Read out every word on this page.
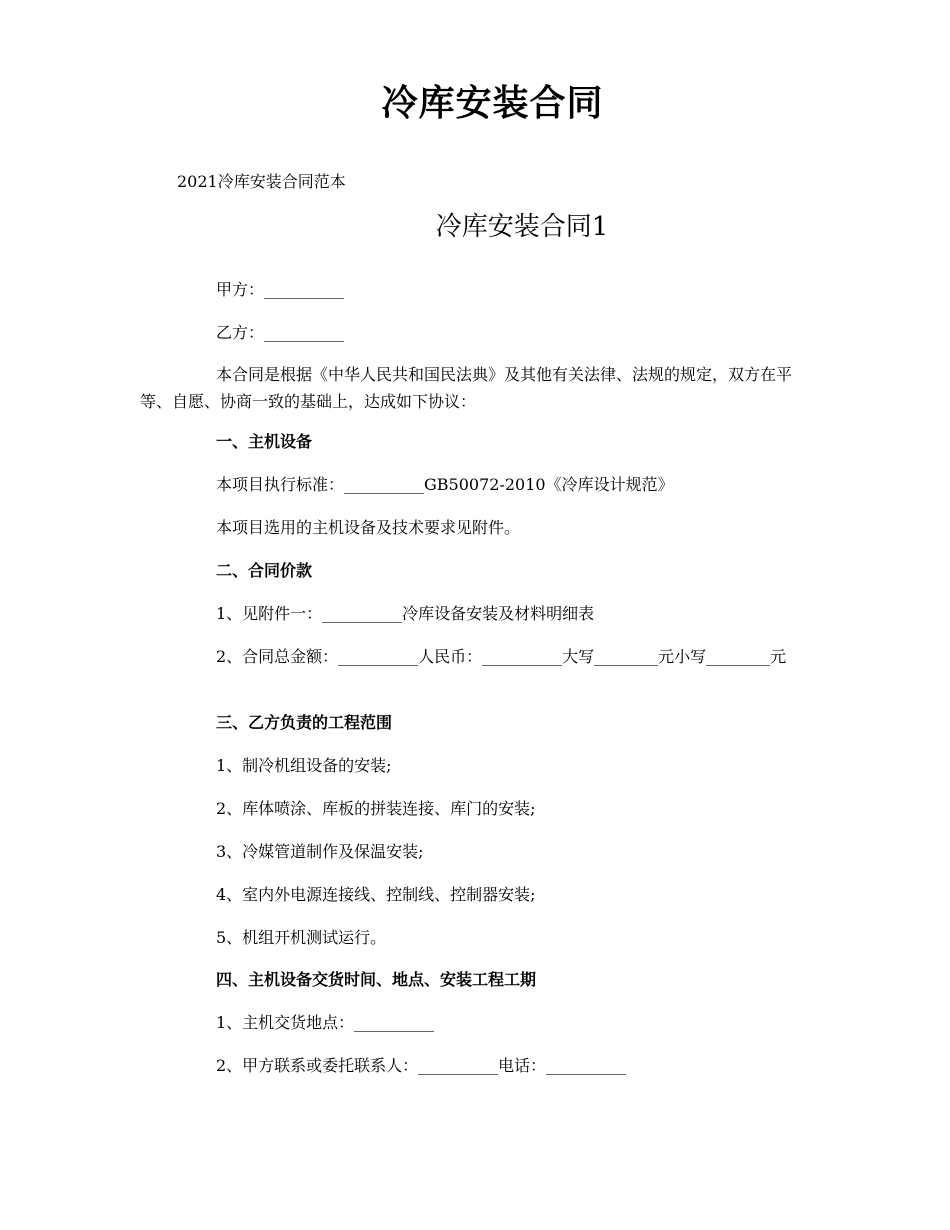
冷库安装合同
2021冷库安装合同范本
冷库安装合同1
甲方：__________
乙方：__________
本合同是根据《中华人民共和国民法典》及其他有关法律、法规的规定，双方在平等、自愿、协商一致的基础上，达成如下协议：
一、主机设备
本项目执行标准：__________GB50072-2010《冷库设计规范》
本项目选用的主机设备及技术要求见附件。
二、合同价款
1、见附件一：__________冷库设备安装及材料明细表
2、合同总金额：__________人民币：__________大写________元小写________元
三、乙方负责的工程范围
1、制冷机组设备的安装;
2、库体喷涂、库板的拼装连接、库门的安装;
3、冷媒管道制作及保温安装;
4、室内外电源连接线、控制线、控制器安装;
5、机组开机测试运行。
四、主机设备交货时间、地点、安装工程工期
1、主机交货地点：__________
2、甲方联系或委托联系人：__________电话：__________
